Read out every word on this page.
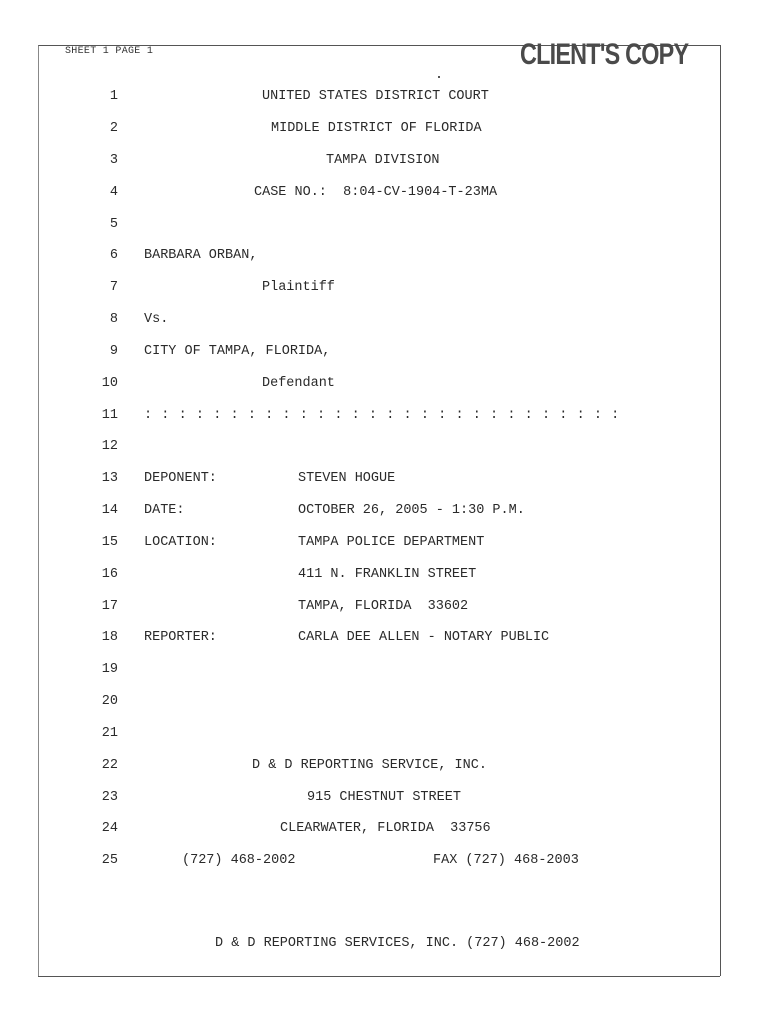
SHEET 1 PAGE 1	CLIENT'S COPY
1
2
3
4
5
6
7
8
9
10
11
12
13
14
15
16
17
18
19
20
21
22
23
24
25
UNITED STATES DISTRICT COURT
MIDDLE DISTRICT OF FLORIDA
TAMPA DIVISION
CASE NO.:  8:04-CV-1904-T-23MA
BARBARA ORBAN,
Plaintiff
Vs.
CITY OF TAMPA, FLORIDA,
Defendant
: : : : : : : : : : : : : : : : : : : : : : : : : : : :
DEPONENT:	STEVEN HOGUE
DATE:	OCTOBER 26, 2005 - 1:30 P.M.
LOCATION:	TAMPA POLICE DEPARTMENT
411 N. FRANKLIN STREET
TAMPA, FLORIDA  33602
REPORTER:	CARLA DEE ALLEN - NOTARY PUBLIC
D & D REPORTING SERVICE, INC.
915 CHESTNUT STREET
CLEARWATER, FLORIDA  33756
(727) 468-2002	FAX (727) 468-2003
D & D REPORTING SERVICES, INC. (727) 468-2002
